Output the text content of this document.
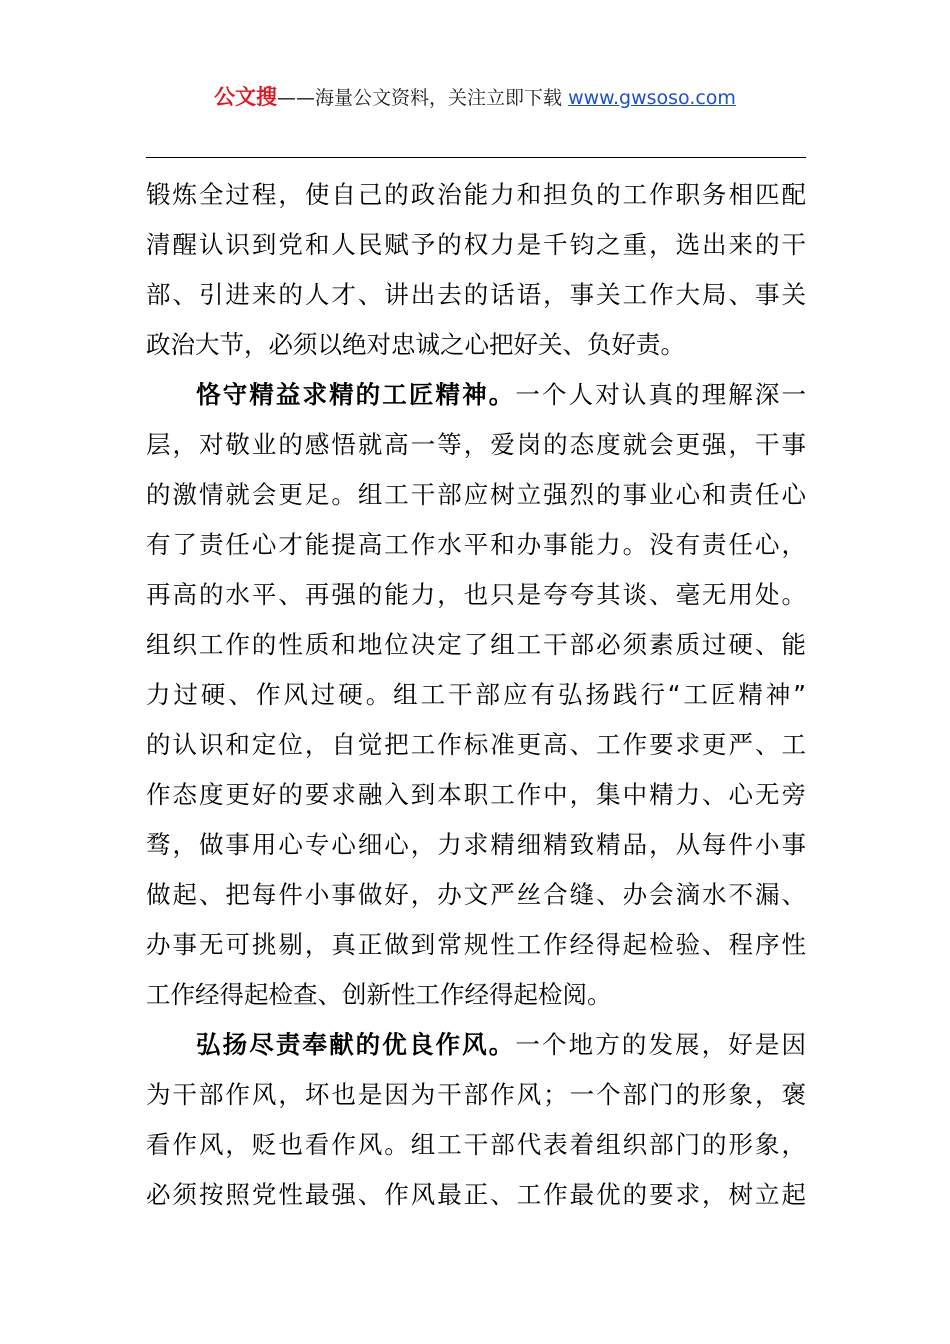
公文搜——海量公文资料，关注立即下载 www.gwsoso.com
锻炼全过程，使自己的政治能力和担负的工作职务相匹配
清醒认识到党和人民赋予的权力是千钧之重，选出来的干
部、引进来的人才、讲出去的话语，事关工作大局、事关
政治大节，必须以绝对忠诚之心把好关、负好责。
恪守精益求精的工匠精神。一个人对认真的理解深一
层，对敬业的感悟就高一等，爱岗的态度就会更强，干事
的激情就会更足。组工干部应树立强烈的事业心和责任心
有了责任心才能提高工作水平和办事能力。没有责任心，
再高的水平、再强的能力，也只是夸夸其谈、毫无用处。
组织工作的性质和地位决定了组工干部必须素质过硬、能
力过硬、作风过硬。组工干部应有弘扬践行“工匠精神”
的认识和定位，自觉把工作标准更高、工作要求更严、工
作态度更好的要求融入到本职工作中，集中精力、心无旁
骛，做事用心专心细心，力求精细精致精品，从每件小事
做起、把每件小事做好，办文严丝合缝、办会滴水不漏、
办事无可挑剔，真正做到常规性工作经得起检验、程序性
工作经得起检查、创新性工作经得起检阅。
弘扬尽责奉献的优良作风。一个地方的发展，好是因
为干部作风，坏也是因为干部作风；一个部门的形象，褒
看作风，贬也看作风。组工干部代表着组织部门的形象，
必须按照党性最强、作风最正、工作最优的要求，树立起
